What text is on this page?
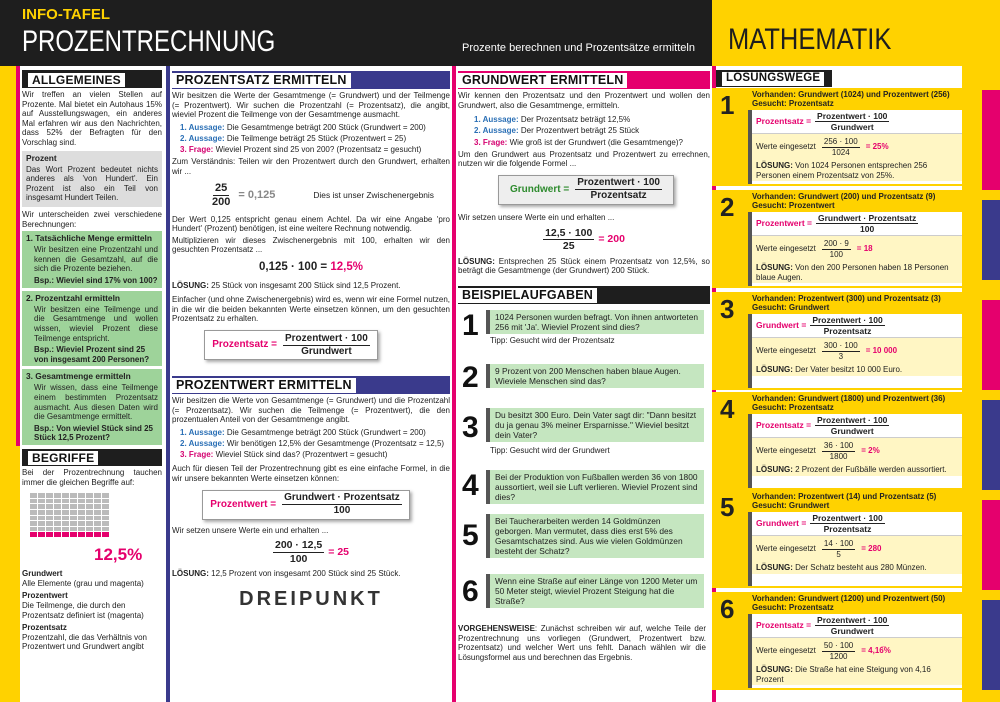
INFO-TAFEL
PROZENTRECHNUNG	Prozente berechnen und Prozentsätze ermitteln MATHEMATIK
ALLGEMEINES
Wir treffen an vielen Stellen auf Prozente. Mal bietet ein Autohaus 15% auf Ausstellungswagen, ein anderes Mal erfahren wir aus den Nachrichten, dass 52% der Befragten für den Vorschlag sind.
Prozent
Das Wort Prozent bedeutet nichts anderes als 'von Hundert'. Ein Prozent ist also ein Teil von insgesamt Hundert Teilen.
Wir unterscheiden zwei verschiedene Berechnungen:
1. Tatsächliche Menge ermitteln
Wir besitzen eine Prozentzahl und kennen die Gesamtzahl, auf die sich die Prozente beziehen.
Bsp.: Wieviel sind 17% von 100?
2. Prozentzahl ermitteln
Wir besitzen eine Teilmenge und die Gesamtmenge und wollen wissen, wieviel Prozent diese Teilmenge entspricht.
Bsp.: Wieviel Prozent sind 25 von insgesamt 200 Personen?
3. Gesamtmenge ermitteln
Wir wissen, dass eine Teilmenge einem bestimmten Prozentsatz ausmacht. Aus diesen Daten wird die Gesamtmenge ermittelt.
Bsp.: Von wieviel Stück sind 25 Stück 12,5 Prozent?
BEGRIFFE
Bei der Prozentrechnung tauchen immer die gleichen Begriffe auf:
12,5%
Grundwert
Alle Elemente (grau und magenta)
Prozentwert
Die Teilmenge, die durch den Prozentsatz definiert ist (magenta)
Prozentsatz
Prozentzahl, die das Verhältnis von Prozentwert und Grundwert angibt
PROZENTSATZ ERMITTELN
Wir besitzen die Werte der Gesamtmenge (= Grundwert) und der Teilmenge (= Prozentwert). Wir suchen die Prozentzahl (= Prozentsatz), die angibt, wieviel Prozent die Teilmenge von der Gesamtmenge ausmacht.
1. Aussage: Die Gesamtmenge beträgt 200 Stück (Grundwert = 200)
2. Aussage: Die Teilmenge beträgt 25 Stück (Prozentwert = 25)
3. Frage: Wieviel Prozent sind 25 von 200? (Prozentsatz = gesucht)
Zum Verständnis: Teilen wir den Prozentwert durch den Grundwert, erhalten wir ...
$\frac{25}{200} = 0,125$	Dies ist unser Zwischenergebnis
Der Wert 0,125 entspricht genau einem Achtel. Da wir eine Angabe 'pro Hundert' (Prozent) benötigen, ist eine weitere Rechnung notwendig.
Multiplizieren wir dieses Zwischenergebnis mit 100, erhalten wir den gesuchten Prozentsatz ...
0,125 · 100 = 12,5%
LÖSUNG: 25 Stück von insgesamt 200 Stück sind 12,5 Prozent.
Einfacher (und ohne Zwischenergebnis) wird es, wenn wir eine Formel nutzen, in die wir die beiden bekannten Werte einsetzen können, um den gesuchten Prozentsatz zu erhalten.
Prozentsatz = $\frac{\text{Prozentwert · 100}}{\text{Grundwert}}$
PROZENTWERT ERMITTELN
Wir besitzen die Werte von Gesamtmenge (= Grundwert) und die Prozentzahl (= Prozentsatz). Wir suchen die Teilmenge (= Prozentwert), die den prozentualen Anteil von der Gesamtmenge angibt.
1. Aussage: Die Gesamtmenge beträgt 200 Stück (Grundwert = 200)
2. Aussage: Wir benötigen 12,5% der Gesamtmenge (Prozentsatz = 12,5)
3. Frage: Wieviel Stück sind das? (Prozentwert = gesucht)
Auch für diesen Teil der Prozentrechnung gibt es eine einfache Formel, in die wir unsere bekannten Werte einsetzen können:
Prozentwert = $\frac{\text{Grundwert · Prozentsatz}}{100}$
Wir setzen unsere Werte ein und erhalten ...
$\frac{200 \cdot 12,5}{100} = 25$
LÖSUNG: 12,5 Prozent von insgesamt 200 Stück sind 25 Stück.
DREIPUNKT
GRUNDWERT ERMITTELN
Wir kennen den Prozentsatz und den Prozentwert und wollen den Grundwert, also die Gesamtmenge, ermitteln.
1. Aussage: Der Prozentsatz beträgt 12,5%
2. Aussage: Der Prozentwert beträgt 25 Stück
3. Frage: Wie groß ist der Grundwert (die Gesamtmenge)?
Um den Grundwert aus Prozentsatz und Prozentwert zu errechnen, nutzen wir die folgende Formel ...
Grundwert = $\frac{\text{Prozentwert · 100}}{\text{Prozentsatz}}$
Wir setzen unsere Werte ein und erhalten ...
$\frac{12,5 \cdot 100}{25} = 200$
LÖSUNG: Entsprechen 25 Stück einem Prozentsatz von 12,5%, so beträgt die Gesamtmenge (der Grundwert) 200 Stück.
BEISPIELAUFGABEN
1	1024 Personen wurden befragt. Von ihnen antworteten 256 mit 'Ja'. Wieviel Prozent sind dies?
Tipp: Gesucht wird der Prozentsatz
2	9 Prozent von 200 Menschen haben blaue Augen. Wieviele Menschen sind das?
3	Du besitzt 300 Euro. Dein Vater sagt dir: "Dann besitzt du ja genau 3% meiner Ersparnisse." Wieviel besitzt dein Vater?
Tipp: Gesucht wird der Grundwert
4	Bei der Produktion von Fußballen werden 36 von 1800 aussortiert, weil sie Luft verlieren. Wieviel Prozent sind dies?
5	Bei Taucherarbeiten werden 14 Goldmünzen geborgen. Man vermutet, dass dies erst 5% des Gesamtschatzes sind. Aus wie vielen Goldmünzen besteht der Schatz?
6	Wenn eine Straße auf einer Länge von 1200 Meter um 50 Meter steigt, wieviel Prozent Steigung hat die Straße?
VORGEHENSWEISE: Zunächst schreiben wir auf, welche Teile der Prozentrechnung uns vorliegen (Grundwert, Prozentwert bzw. Prozentsatz) und welcher Wert uns fehlt. Danach wählen wir die Lösungsformel aus und berechnen das Ergebnis.
LÖSUNGSWEGE
1 Vorhanden: Grundwert (1024) und Prozentwert (256)
Gesucht: Prozentsatz
Prozentsatz = $\frac{\text{Prozentwert · 100}}{\text{Grundwert}}$
Werte eingesetzt $\frac{256 \cdot 100}{1024} = 25\%$
LÖSUNG: Von 1024 Personen entsprechen 256 Personen einem Prozentsatz von 25%.
2 Vorhanden: Grundwert (200) und Prozentsatz (9)
Gesucht: Prozentwert
Prozentwert = $\frac{\text{Grundwert · Prozentsatz}}{100}$
Werte eingesetzt $\frac{200 \cdot 9}{100} = 18$
LÖSUNG: Von den 200 Personen haben 18 Personen blaue Augen.
3 Vorhanden: Prozentwert (300) und Prozentsatz (3)
Gesucht: Grundwert
Grundwert = $\frac{\text{Prozentwert · 100}}{\text{Prozentsatz}}$
Werte eingesetzt $\frac{300 \cdot 100}{3} = 10$ 000
LÖSUNG: Der Vater besitzt 10 000 Euro.
4 Vorhanden: Grundwert (1800) und Prozentwert (36)
Gesucht: Prozentsatz
Prozentsatz = $\frac{\text{Prozentwert · 100}}{\text{Grundwert}}$
Werte eingesetzt $\frac{36 \cdot 100}{1800} = 2\%$
LÖSUNG: 2 Prozent der Fußbälle werden aussortiert.
5 Vorhanden: Prozentwert (14) und Prozentsatz (5)
Gesucht: Grundwert
Grundwert = $\frac{\text{Prozentwert · 100}}{\text{Prozentsatz}}$
Werte eingesetzt $\frac{14 \cdot 100}{5} = 280$
LÖSUNG: Der Schatz besteht aus 280 Münzen.
6 Vorhanden: Grundwert (1200) und Prozentwert (50)
Gesucht: Prozentsatz
Prozentsatz = $\frac{\text{Prozentwert · 100}}{\text{Grundwert}}$
Werte eingesetzt $\frac{50 \cdot 100}{1200}$ = 4,16̅%
LÖSUNG: Die Straße hat eine Steigung von 4,16 Prozent
